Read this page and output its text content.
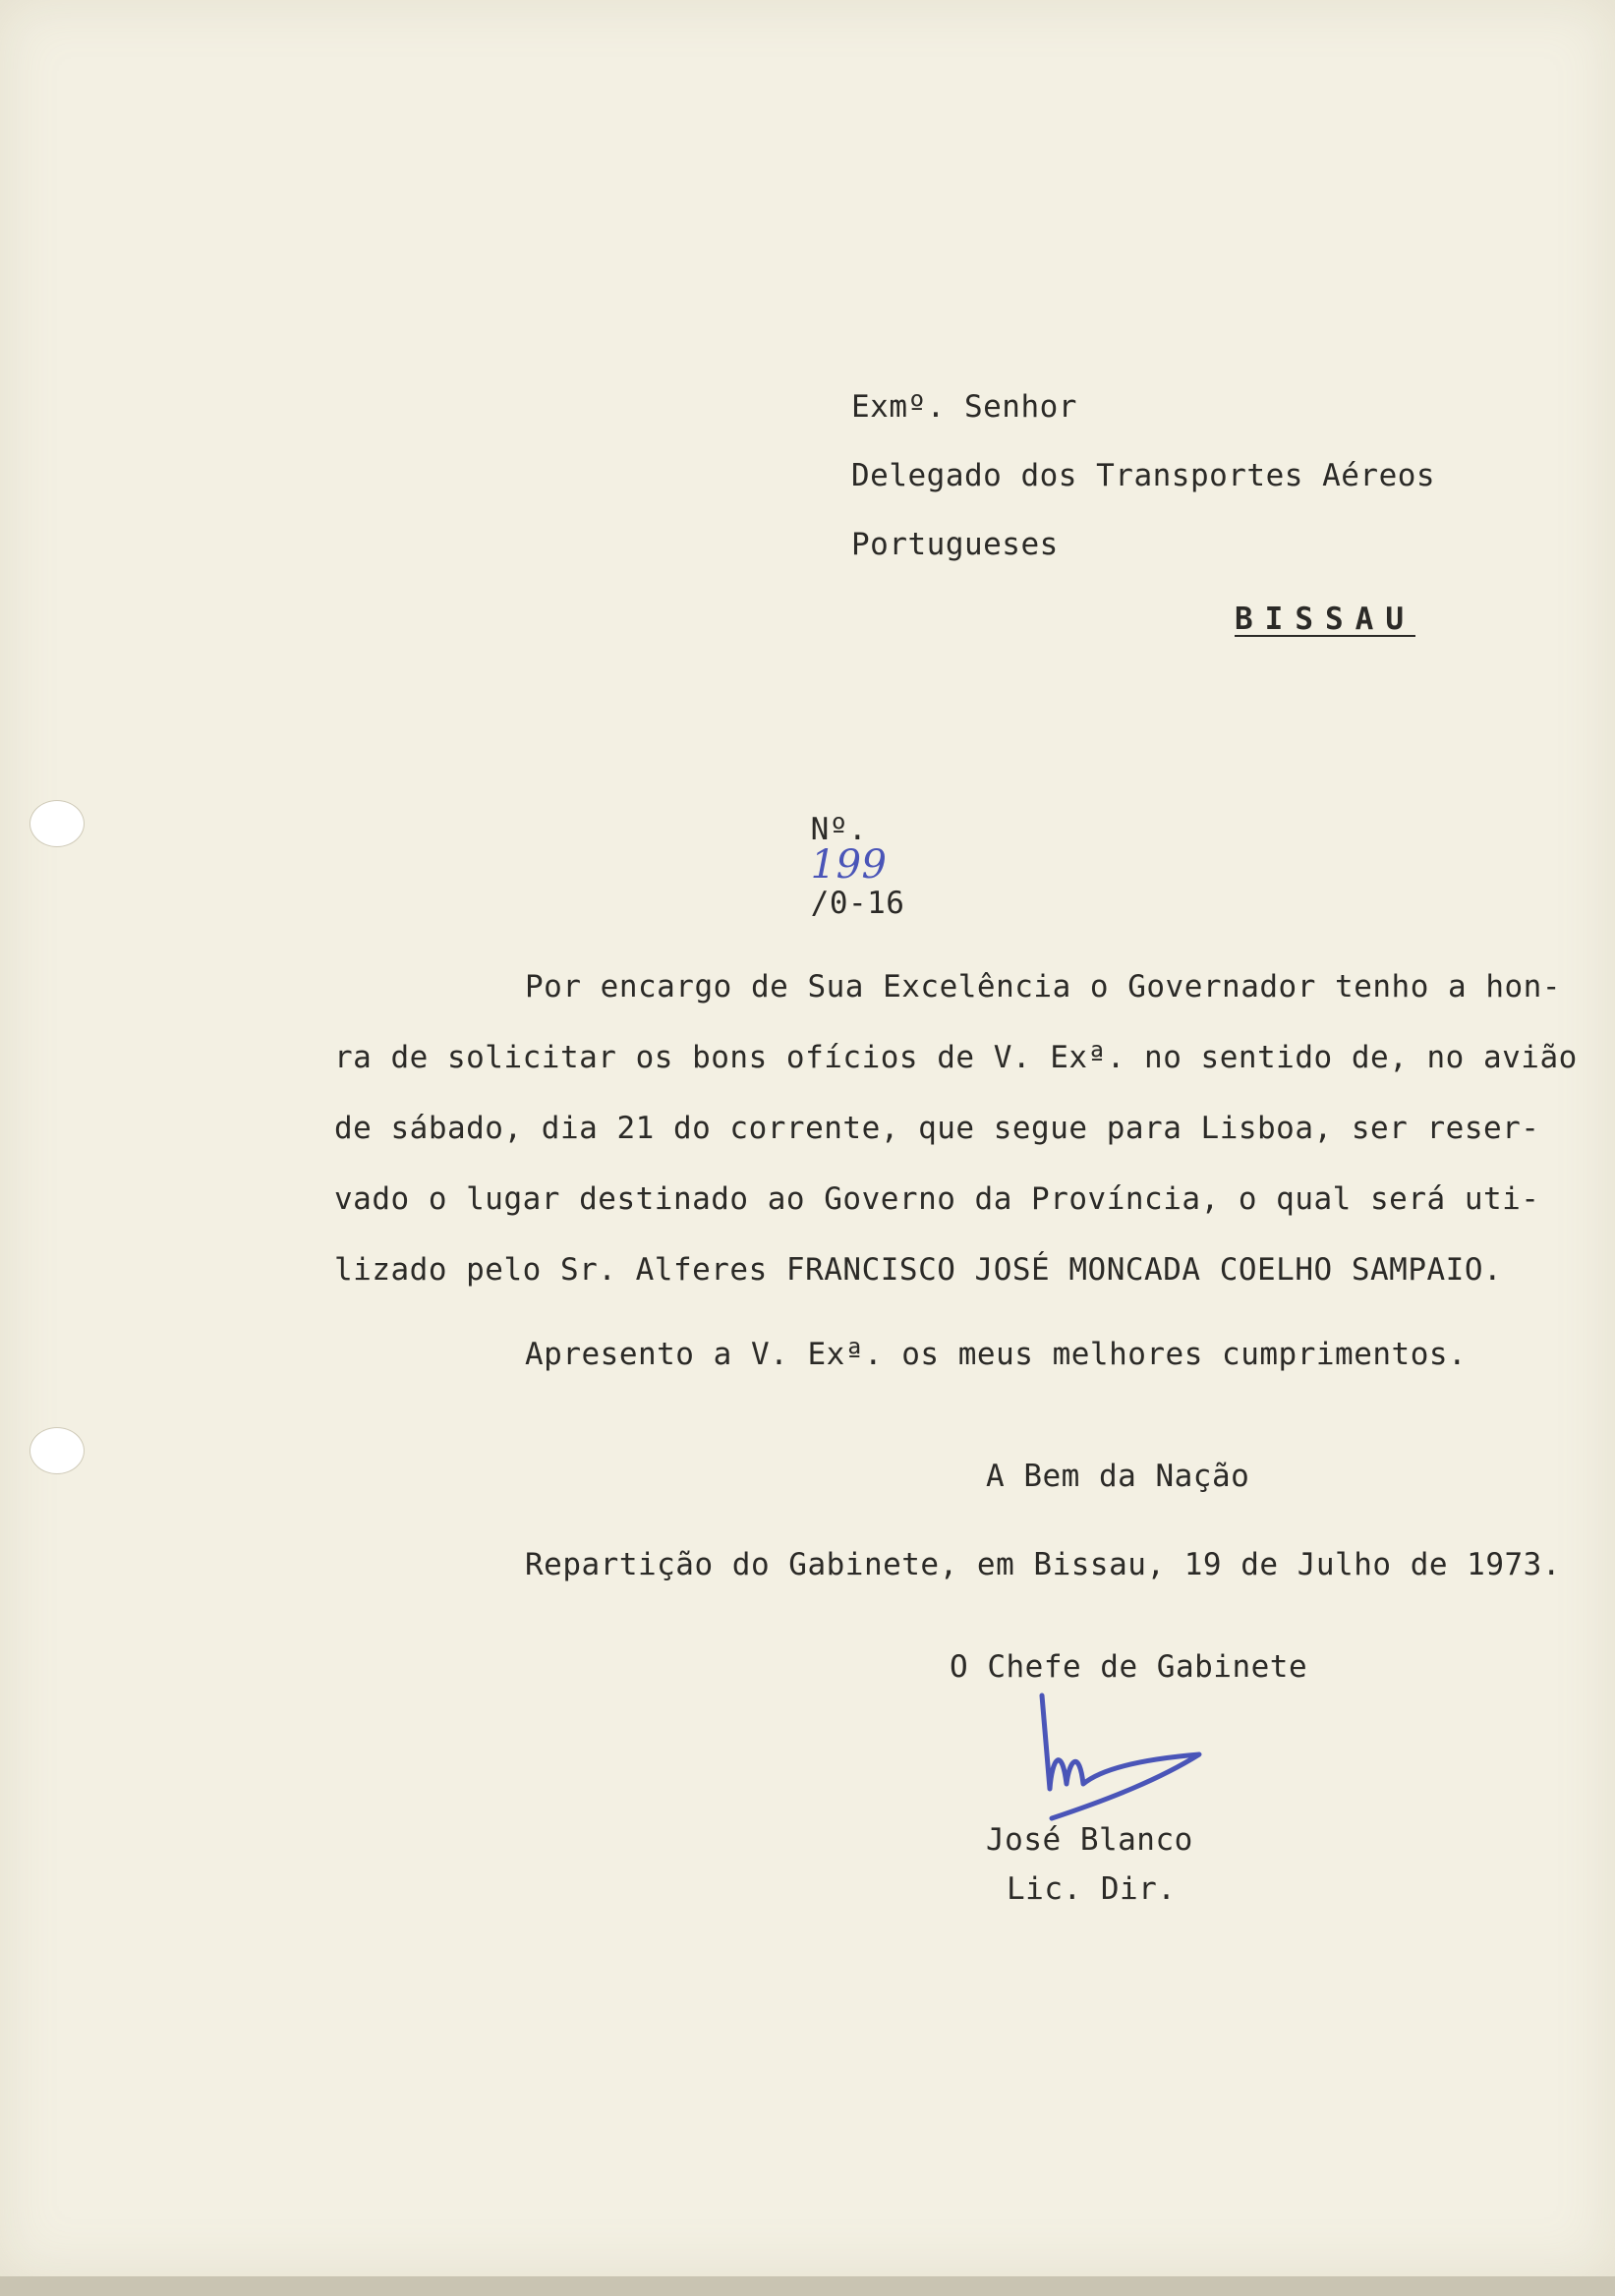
Exmº. Senhor
Delegado dos Transportes Aéreos
Portugueses
BISSAU

Nº.
199
/0-16

Por encargo de Sua Excelência o Governador tenho a hon-
ra de solicitar os bons ofícios de V. Exª. no sentido de, no avião
de sábado, dia 21 do corrente, que segue para Lisboa, ser reser-
vado o lugar destinado ao Governo da Província, o qual será uti-
lizado pelo Sr. Alferes FRANCISCO JOSÉ MONCADA COELHO SAMPAIO.
Apresento a V. Exª. os meus melhores cumprimentos.
A Bem da Nação
Repartição do Gabinete, em Bissau, 19 de Julho de 1973.
O Chefe de Gabinete
José Blanco
Lic. Dir.
